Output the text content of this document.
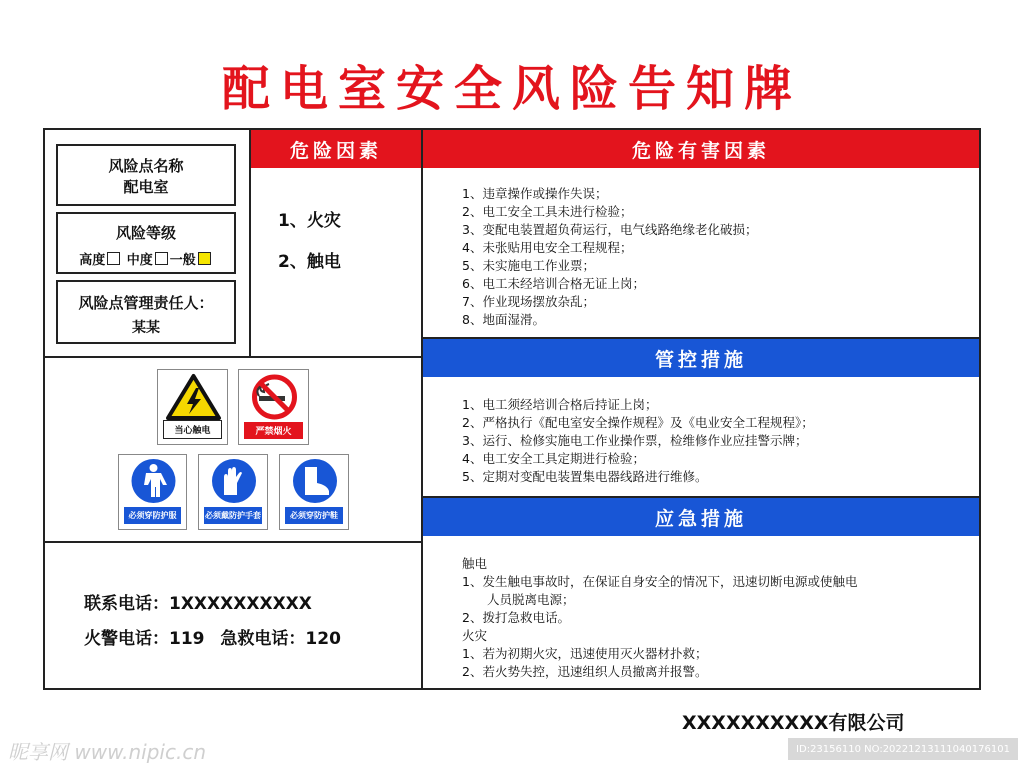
配电室安全风险告知牌
风险点名称
配电室
风险等级
高度 中度 一般
风险点管理责任人：
某某
危险因素	危险有害因素
管控措施
应急措施
1、火灾
2、触电
1、违章操作或操作失误；
2、电工安全工具未进行检验；
3、变配电装置超负荷运行，电气线路绝缘老化破损；
4、未张贴用电安全工程规程；
5、未实施电工作业票；
6、电工未经培训合格无证上岗；
7、作业现场摆放杂乱；
8、地面湿滑。
1、电工须经培训合格后持证上岗；
2、严格执行《配电室安全操作规程》及《电业安全工程规程》；
3、运行、检修实施电工作业操作票，检维修作业应挂警示牌；
4、电工安全工具定期进行检验；
5、定期对变配电装置集电器线路进行维修。
触电
1、发生触电事故时，在保证自身安全的情况下，迅速切断电源或使触电
　　人员脱离电源；
2、拨打急救电话。
火灾
1、若为初期火灾，迅速使用灭火器材扑救；
2、若火势失控，迅速组织人员撤离并报警。
当心触电	严禁烟火
必须穿防护服	必须戴防护手套	必须穿防护鞋
联系电话：1XXXXXXXXXX
火警电话：119 急救电话：120
XXXXXXXXXX有限公司
昵享网 www.nipic.cn	ID:23156110 NO:20221213111040176101
